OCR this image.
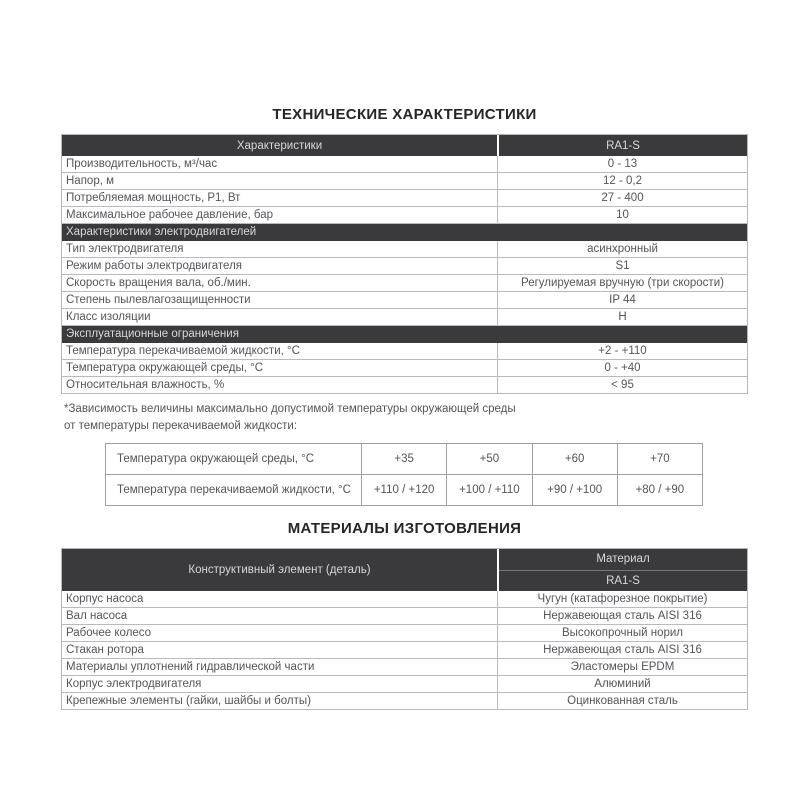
ТЕХНИЧЕСКИЕ ХАРАКТЕРИСТИКИ
Характеристики	RA1-S
Производительность, м³/час	0 - 13
Напор, м	12 - 0,2
Потребляемая мощность, P1, Вт	27 - 400
Максимальное рабочее давление, бар	10
Характеристики электродвигателей
Тип электродвигателя	асинхронный
Режим работы электродвигателя	S1
Скорость вращения вала, об./мин.	Регулируемая вручную (три скорости)
Степень пылевлагозащищенности	IP 44
Класс изоляции	H
Эксплуатационные ограничения
Температура перекачиваемой жидкости, °С	+2 - +110
Температура окружающей среды, °С	0 - +40
Относительная влажность, %	< 95
*Зависимость величины максимально допустимой температуры окружающей среды
от температуры перекачиваемой жидкости:
Температура окружающей среды, °С	+35	+50	+60	+70
Температура перекачиваемой жидкости, °С	+110 / +120	+100 / +110	+90 / +100	+80 / +90
МАТЕРИАЛЫ ИЗГОТОВЛЕНИЯ
Конструктивный элемент (деталь)
Материал
RA1-S
Корпус насоса	Чугун (катафорезное покрытие)
Вал насоса	Нержавеющая сталь AISI 316
Рабочее колесо	Высокопрочный норил
Стакан ротора	Нержавеющая сталь AISI 316
Материалы уплотнений гидравлической части	Эластомеры EPDM
Корпус электродвигателя	Алюминий
Крепежные элементы (гайки, шайбы и болты)	Оцинкованная сталь
